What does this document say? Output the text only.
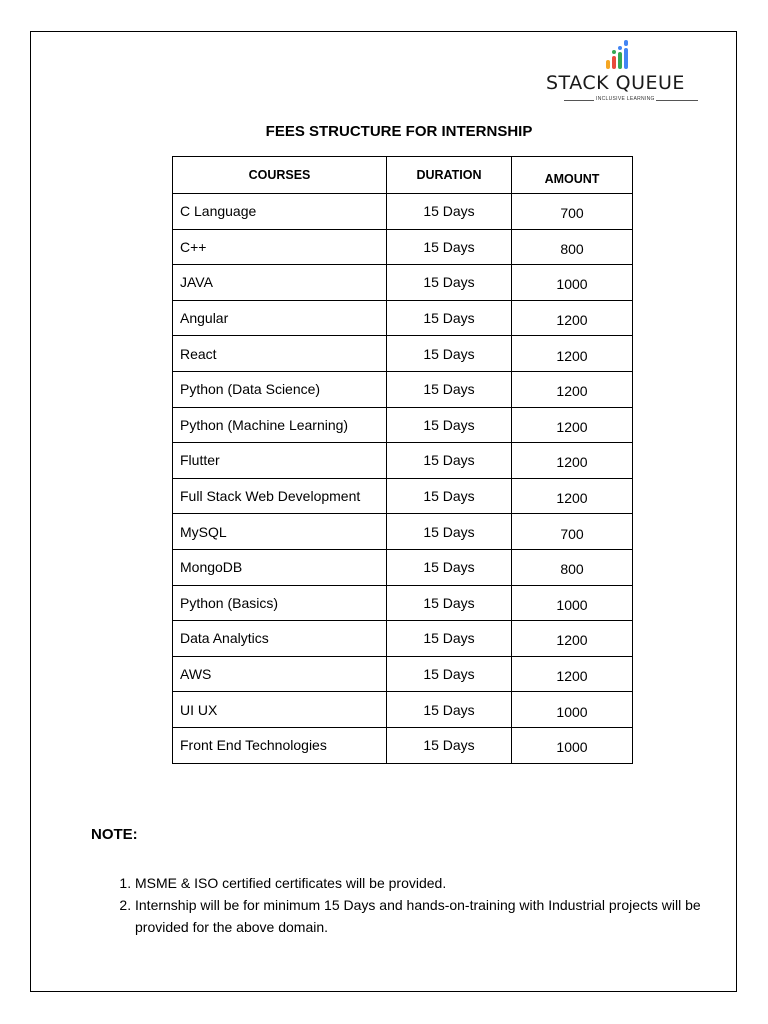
STACK QUEUE
INCLUSIVE LEARNING
FEES STRUCTURE FOR INTERNSHIP
COURSES	DURATION	AMOUNT
C Language	15 Days	700
C++	15 Days	800
JAVA	15 Days	1000
Angular	15 Days	1200
React	15 Days	1200
Python (Data Science)	15 Days	1200
Python (Machine Learning)	15 Days	1200
Flutter	15 Days	1200
Full Stack Web Development	15 Days	1200
MySQL	15 Days	700
MongoDB	15 Days	800
Python (Basics)	15 Days	1000
Data Analytics	15 Days	1200
AWS	15 Days	1200
UI UX	15 Days	1000
Front End Technologies	15 Days	1000
NOTE:
1. MSME & ISO certified certificates will be provided.
2. Internship will be for minimum 15 Days and hands-on-training with Industrial projects will be provided for the above domain.
